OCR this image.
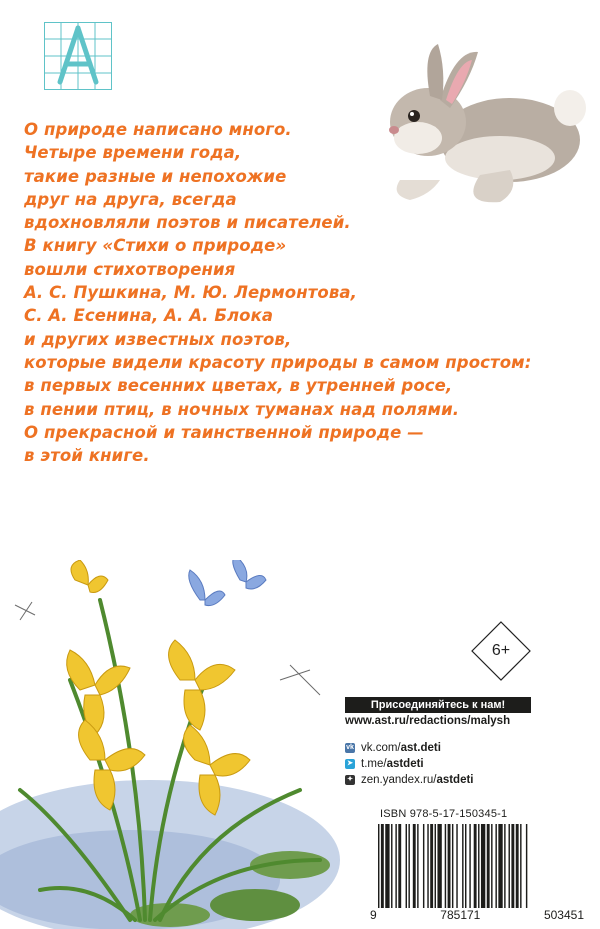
О природе написано много.
Четыре времени года,
такие разные и непохожие
друг на друга, всегда
вдохновляли поэтов и писателей.
В книгу «Стихи о природе»
вошли стихотворения
А. С. Пушкина, М. Ю. Лермонтова,
С. А. Есенина, А. А. Блока
и других известных поэтов,
которые видели красоту природы в самом простом:
в первых весенних цветах, в утренней росе,
в пении птиц, в ночных туманах над полями.
О прекрасной и таинственной природе —
в этой книге.
6+
Присоединяйтесь к нам!
www.ast.ru/redactions/malysh
vk vk.com/ ast.deti
➤ t.me/ astdeti
✦ zen.yandex.ru/ astdeti
ISBN 978-5-17-150345-1
9	785171	503451
